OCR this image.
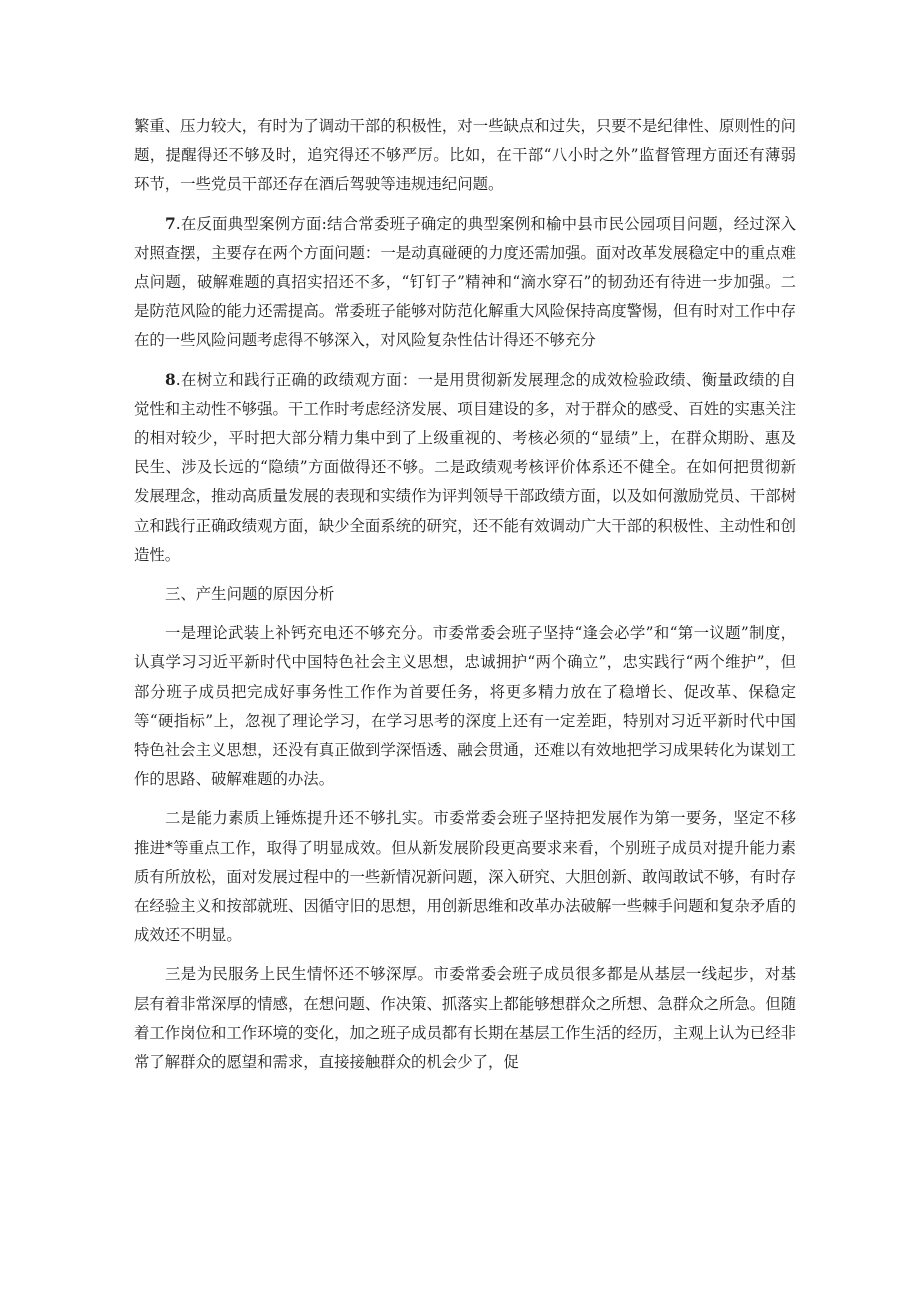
繁重、压力较大，有时为了调动干部的积极性，对一些缺点和过失，只要不是纪律性、原则性的问题，提醒得还不够及时，追究得还不够严厉。比如，在干部“八小时之外”监督管理方面还有薄弱环节，一些党员干部还存在酒后驾驶等违规违纪问题。

7.在反面典型案例方面:结合常委班子确定的典型案例和榆中县市民公园项目问题，经过深入对照查摆，主要存在两个方面问题：一是动真碰硬的力度还需加强。面对改革发展稳定中的重点难点问题，破解难题的真招实招还不多，“钉钉子”精神和“滴水穿石”的韧劲还有待进一步加强。二是防范风险的能力还需提高。常委班子能够对防范化解重大风险保持高度警惕，但有时对工作中存在的一些风险问题考虑得不够深入，对风险复杂性估计得还不够充分

8.在树立和践行正确的政绩观方面：一是用贯彻新发展理念的成效检验政绩、衡量政绩的自觉性和主动性不够强。干工作时考虑经济发展、项目建设的多，对于群众的感受、百姓的实惠关注的相对较少，平时把大部分精力集中到了上级重视的、考核必须的“显绩”上，在群众期盼、惠及民生、涉及长远的“隐绩”方面做得还不够。二是政绩观考核评价体系还不健全。在如何把贯彻新发展理念，推动高质量发展的表现和实绩作为评判领导干部政绩方面，以及如何激励党员、干部树立和践行正确政绩观方面，缺少全面系统的研究，还不能有效调动广大干部的积极性、主动性和创造性。

三、产生问题的原因分析

一是理论武装上补钙充电还不够充分。市委常委会班子坚持“逢会必学”和“第一议题”制度，认真学习习近平新时代中国特色社会主义思想，忠诚拥护“两个确立”，忠实践行“两个维护”，但部分班子成员把完成好事务性工作作为首要任务，将更多精力放在了稳增长、促改革、保稳定等“硬指标”上，忽视了理论学习，在学习思考的深度上还有一定差距，特别对习近平新时代中国特色社会主义思想，还没有真正做到学深悟透、融会贯通，还难以有效地把学习成果转化为谋划工作的思路、破解难题的办法。

二是能力素质上锤炼提升还不够扎实。市委常委会班子坚持把发展作为第一要务，坚定不移推进*等重点工作，取得了明显成效。但从新发展阶段更高要求来看，个别班子成员对提升能力素质有所放松，面对发展过程中的一些新情况新问题，深入研究、大胆创新、敢闯敢试不够，有时存在经验主义和按部就班、因循守旧的思想，用创新思维和改革办法破解一些棘手问题和复杂矛盾的成效还不明显。

三是为民服务上民生情怀还不够深厚。市委常委会班子成员很多都是从基层一线起步，对基层有着非常深厚的情感，在想问题、作决策、抓落实上都能够想群众之所想、急群众之所急。但随着工作岗位和工作环境的变化，加之班子成员都有长期在基层工作生活的经历，主观上认为已经非常了解群众的愿望和需求，直接接触群众的机会少了，促
